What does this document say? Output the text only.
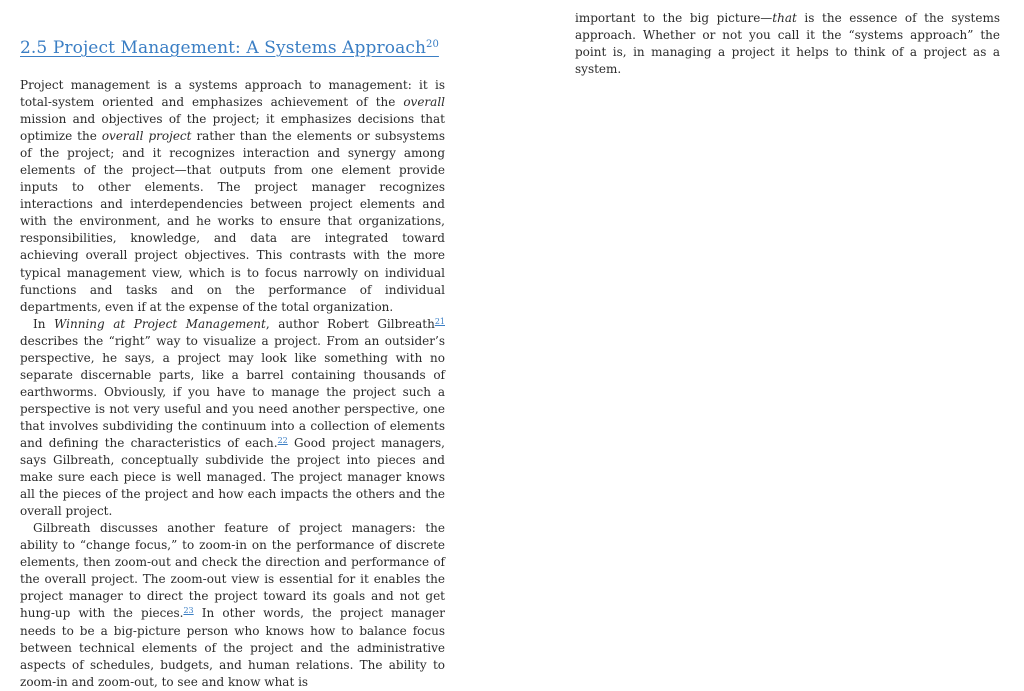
2.5 Project Management: A Systems Approach$^{20}$

Project management is a systems approach to management: it is total-system oriented and emphasizes achievement of the overall mission and objectives of the project; it emphasizes decisions that optimize the overall project rather than the elements or subsystems of the project; and it recognizes interaction and synergy among elements of the project—that outputs from one element provide inputs to other elements. The project manager recognizes interactions and interdependencies between project elements and with the environment, and he works to ensure that organizations, responsibilities, knowledge, and data are integrated toward achieving overall project objectives. This contrasts with the more typical management view, which is to focus narrowly on individual functions and tasks and on the performance of individual departments, even if at the expense of the total organization.

In Winning at Project Management, author Robert Gilbreath$^{21}$ describes the “right” way to visualize a project. From an outsider’s perspective, he says, a project may look like something with no separate discernable parts, like a barrel containing thousands of earthworms. Obviously, if you have to manage the project such a perspective is not very useful and you need another perspective, one that involves subdividing the continuum into a collection of elements and defining the characteristics of each.$^{22}$ Good project managers, says Gilbreath, conceptually subdivide the project into pieces and make sure each piece is well managed. The project manager knows all the pieces of the project and how each impacts the others and the overall project.

Gilbreath discusses another feature of project managers: the ability to “change focus,” to zoom-in on the performance of discrete elements, then zoom-out and check the direction and performance of the overall project. The zoom-out view is essential for it enables the project manager to direct the project toward its goals and not get hung-up with the pieces.$^{23}$ In other words, the project manager needs to be a big-picture person who knows how to balance focus between technical elements of the project and the administrative aspects of schedules, budgets, and human relations. The ability to zoom-in and zoom-out, to see and know what is

important to the big picture—that is the essence of the systems approach. Whether or not you call it the “systems approach” the point is, in managing a project it helps to think of a project as a system.
